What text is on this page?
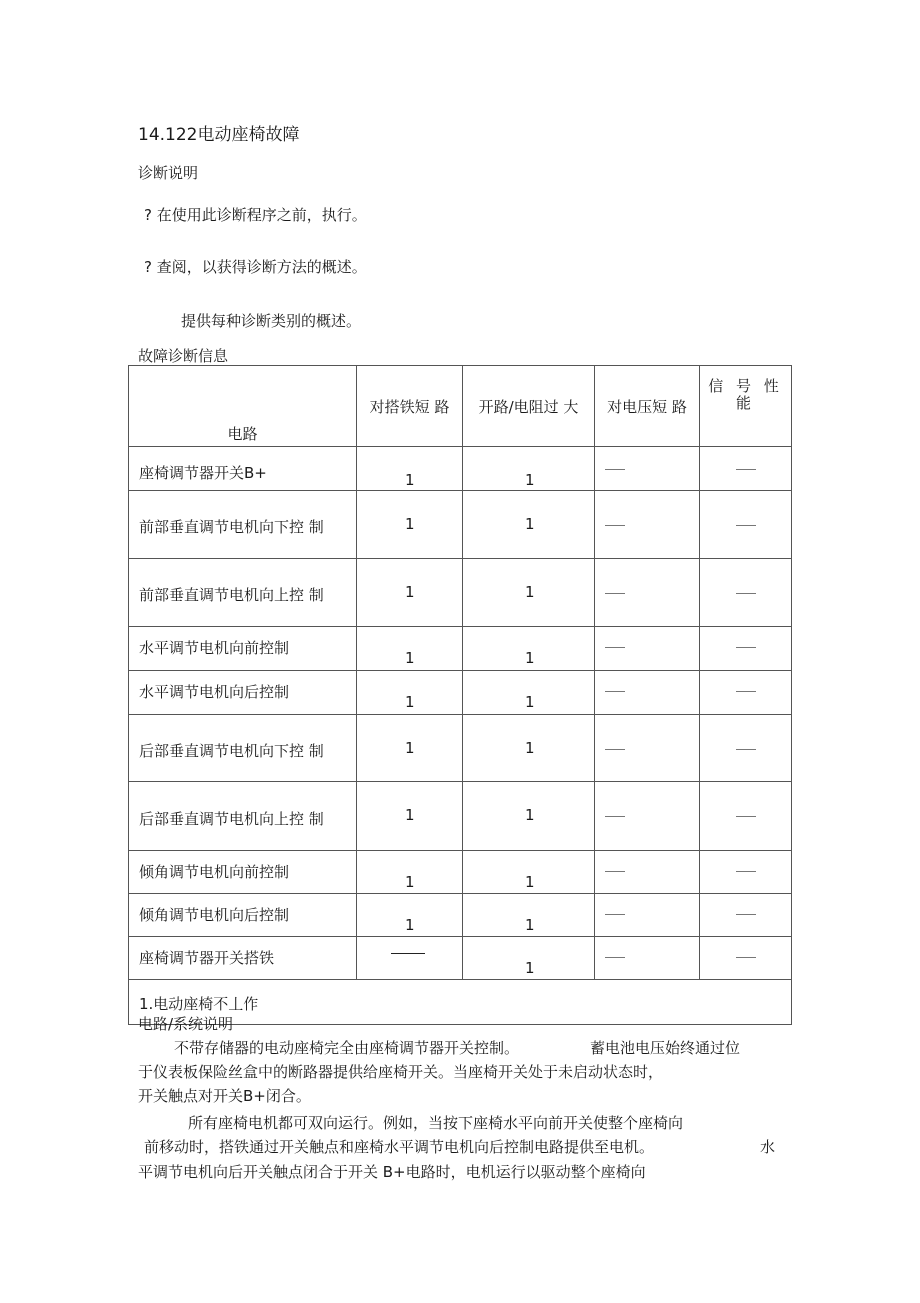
14.122电动座椅故障
诊断说明
? 在使用此诊断程序之前，执行。
? 查阅，以获得诊断方法的概述。
提供每种诊断类别的概述。
故障诊断信息
电路	对搭铁短 路	开路/电阻过 大	对电压短 路	信 号 性
能

座椅调节器开关B+	1	1		

前部垂直调节电机向下控 制	1	1		

前部垂直调节电机向上控 制	1	1		

水平调节电机向前控制	1	1		

水平调节电机向后控制	1	1		

后部垂直调节电机向下控 制	1	1		

后部垂直调节电机向上控 制	1	1		

倾角调节电机向前控制	1	1		

倾角调节电机向后控制	1	1		

座椅调节器开关搭铁		1		

1.电动座椅不丄作				
电路/系统说明
不带存储器的电动座椅完全由座椅调节器开关控制。	蓄电池电压始终通过位
于仪表板保险丝盒中的断路器提供给座椅开关。当座椅开关处于未启动状态时，
开关触点对开关B+闭合。
所有座椅电机都可双向运行。例如，当按下座椅水平向前开关使整个座椅向
前移动时，搭铁通过开关触点和座椅水平调节电机向后控制电路提供至电机。	水
平调节电机向后开关触点闭合于开关 B+电路时，电机运行以驱动整个座椅向
